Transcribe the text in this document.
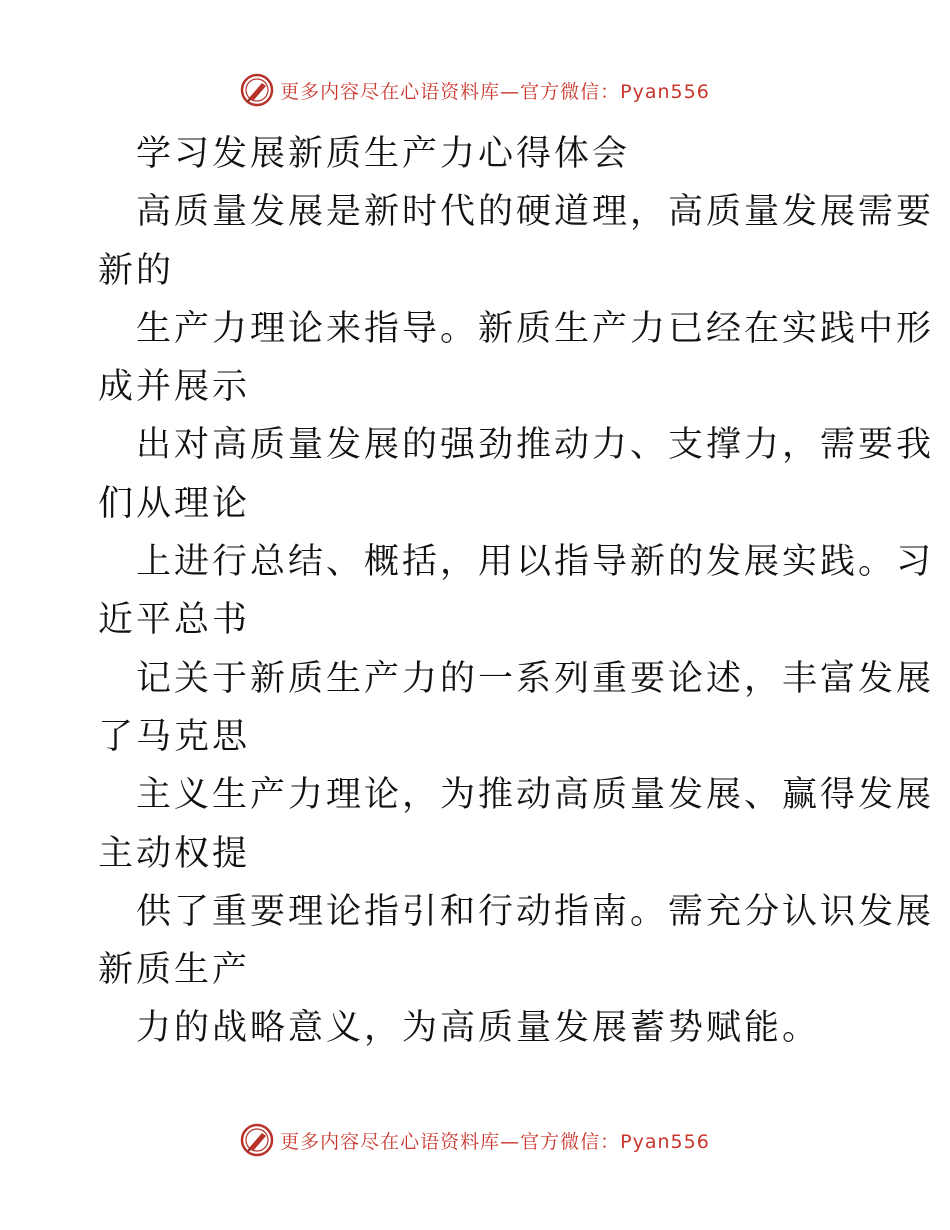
更多内容尽在心语资料库—官方微信：Pyan556
学习发展新质生产力心得体会
高质量发展是新时代的硬道理，高质量发展需要
新的
生产力理论来指导。新质生产力已经在实践中形
成并展示
出对高质量发展的强劲推动力、支撑力，需要我
们从理论
上进行总结、概括，用以指导新的发展实践。习
近平总书
记关于新质生产力的一系列重要论述，丰富发展
了马克思
主义生产力理论，为推动高质量发展、赢得发展
主动权提
供了重要理论指引和行动指南。需充分认识发展
新质生产
力的战略意义，为高质量发展蓄势赋能。
更多内容尽在心语资料库—官方微信：Pyan556
